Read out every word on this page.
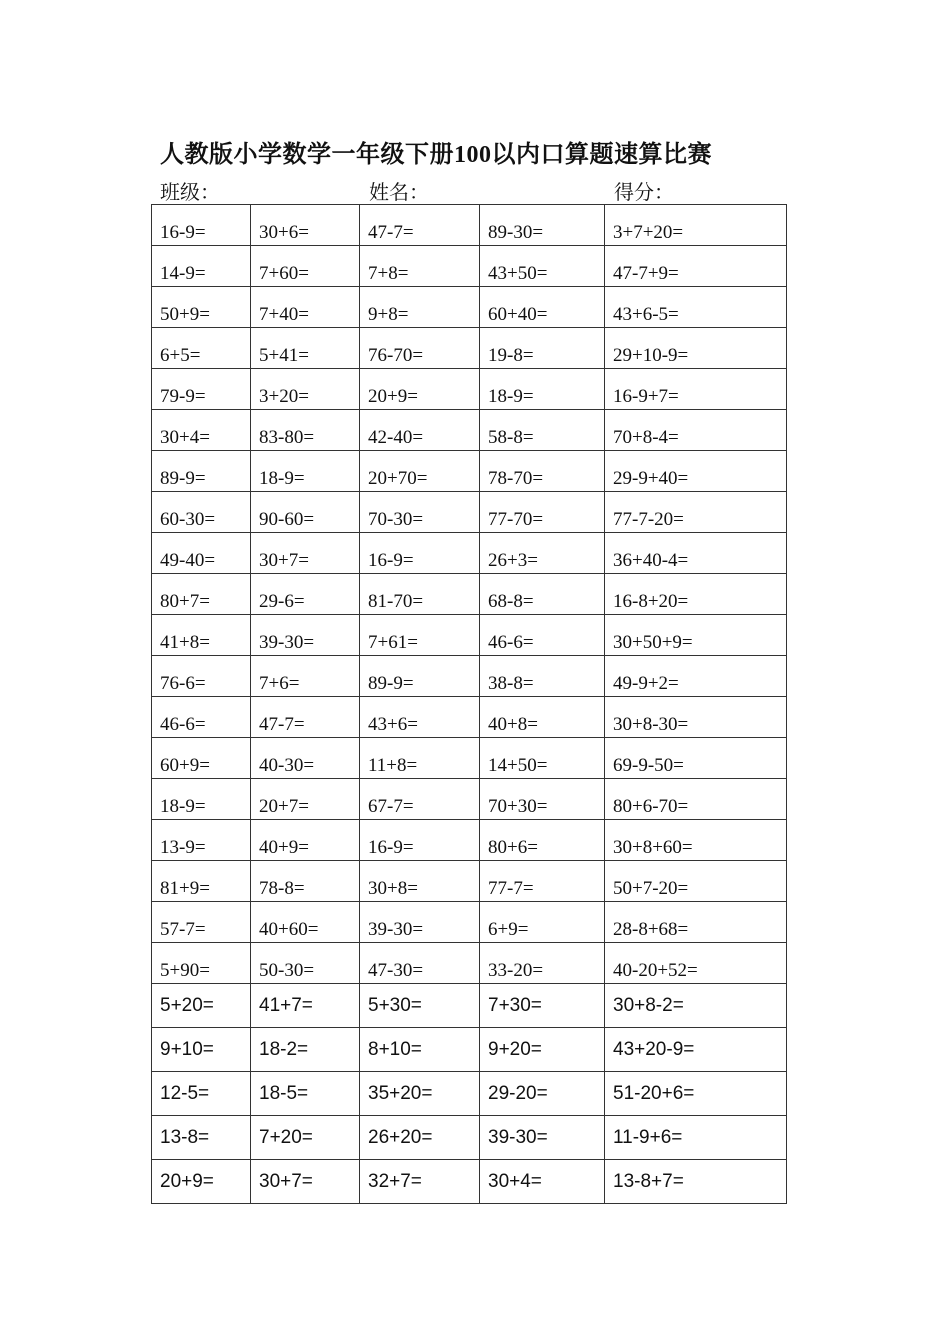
人教版小学数学一年级下册100以内口算题速算比赛
班级：	姓名：	得分：
16-9=	30+6=	47-7=	89-30=	3+7+20=
14-9=	7+60=	7+8=	43+50=	47-7+9=
50+9=	7+40=	9+8=	60+40=	43+6-5=
6+5=	5+41=	76-70=	19-8=	29+10-9=
79-9=	3+20=	20+9=	18-9=	16-9+7=
30+4=	83-80=	42-40=	58-8=	70+8-4=
89-9=	18-9=	20+70=	78-70=	29-9+40=
60-30=	90-60=	70-30=	77-70=	77-7-20=
49-40=	30+7=	16-9=	26+3=	36+40-4=
80+7=	29-6=	81-70=	68-8=	16-8+20=
41+8=	39-30=	7+61=	46-6=	30+50+9=
76-6=	7+6=	89-9=	38-8=	49-9+2=
46-6=	47-7=	43+6=	40+8=	30+8-30=
60+9=	40-30=	11+8=	14+50=	69-9-50=
18-9=	20+7=	67-7=	70+30=	80+6-70=
13-9=	40+9=	16-9=	80+6=	30+8+60=
81+9=	78-8=	30+8=	77-7=	50+7-20=
57-7=	40+60=	39-30=	6+9=	28-8+68=
5+90=	50-30=	47-30=	33-20=	40-20+52=
5+20=	41+7=	5+30=	7+30=	30+8-2=
9+10=	18-2=	8+10=	9+20=	43+20-9=
12-5=	18-5=	35+20=	29-20=	51-20+6=
13-8=	7+20=	26+20=	39-30=	11-9+6=
20+9=	30+7=	32+7=	30+4=	13-8+7=
